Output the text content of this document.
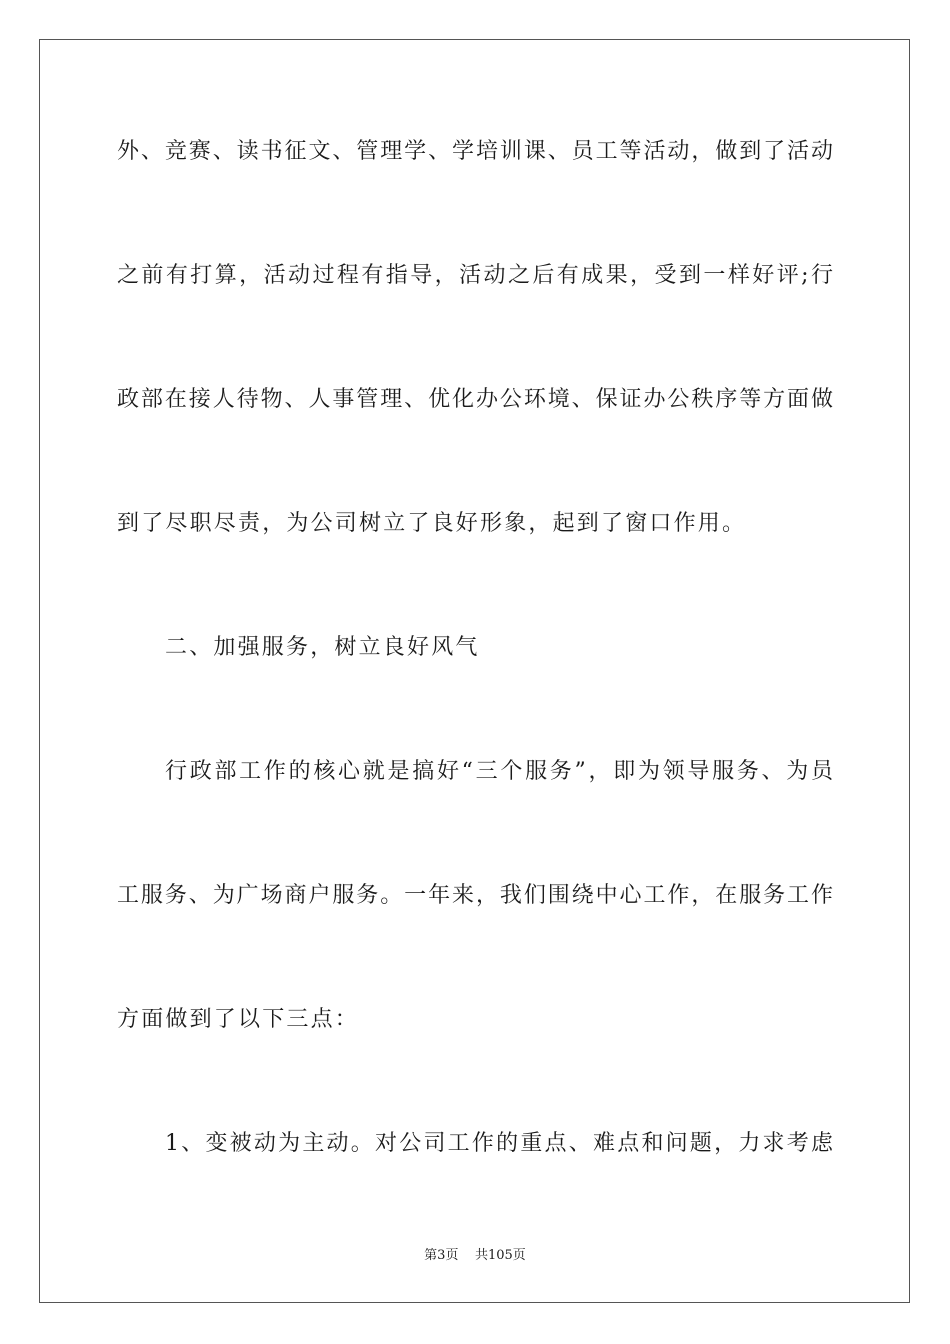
外、竞赛、读书征文、管理学、学培训课、员工等活动，做到了活动
之前有打算，活动过程有指导，活动之后有成果，受到一样好评;行
政部在接人待物、人事管理、优化办公环境、保证办公秩序等方面做
到了尽职尽责，为公司树立了良好形象，起到了窗口作用。
二、加强服务，树立良好风气
行政部工作的核心就是搞好“三个服务”，即为领导服务、为员
工服务、为广场商户服务。一年来，我们围绕中心工作，在服务工作
方面做到了以下三点：
1、变被动为主动。对公司工作的重点、难点和问题，力求考虑
第3页 共105页
